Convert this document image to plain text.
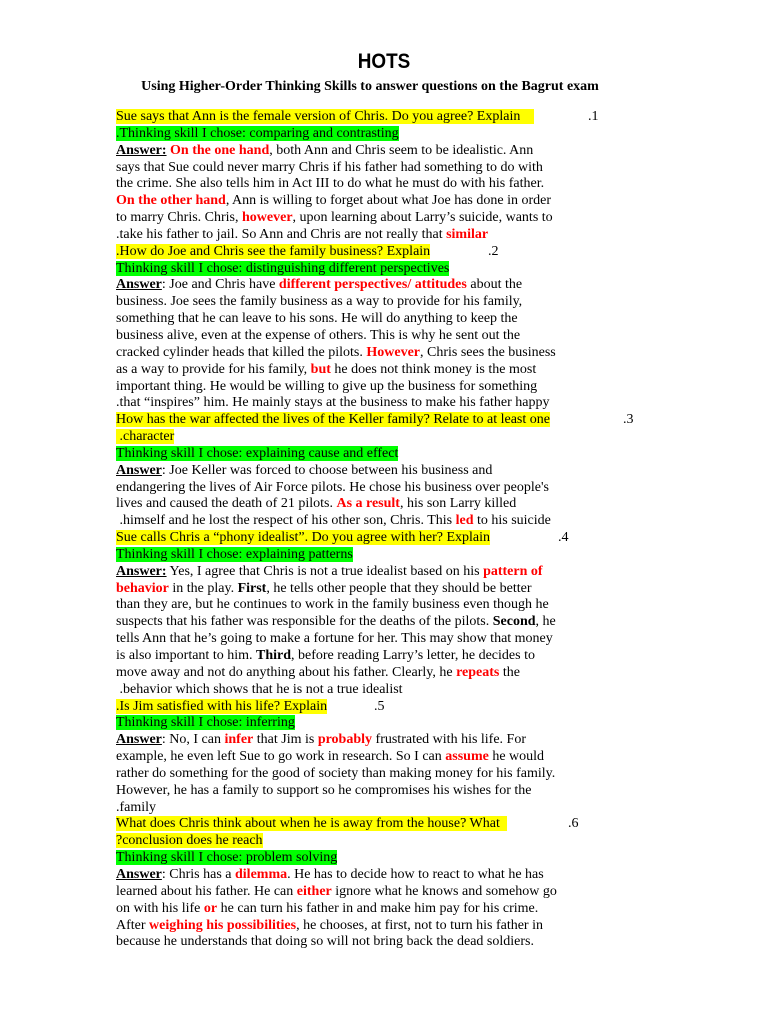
HOTS
Using Higher-Order Thinking Skills to answer questions on the Bagrut exam
Sue says that Ann is the female version of Chris. Do you agree? Explain 	.1
.Thinking skill I chose: comparing and contrasting
Answer: On the one hand, both Ann and Chris seem to be idealistic. Ann
says that Sue could never marry Chris if his father had something to do with
the crime. She also tells him in Act III to do what he must do with his father.
On the other hand, Ann is willing to forget about what Joe has done in order
to marry Chris. Chris, however, upon learning about Larry’s suicide, wants to
.take his father to jail. So Ann and Chris are not really that similar
.How do Joe and Chris see the family business? Explain	.2
Thinking skill I chose: distinguishing different perspectives
Answer: Joe and Chris have different perspectives/ attitudes about the
business. Joe sees the family business as a way to provide for his family,
something that he can leave to his sons. He will do anything to keep the
business alive, even at the expense of others. This is why he sent out the
cracked cylinder heads that killed the pilots. However, Chris sees the business
as a way to provide for his family, but he does not think money is the most
important thing. He would be willing to give up the business for something
.that “inspires” him. He mainly stays at the business to make his father happy
How has the war affected the lives of the Keller family? Relate to at least one	.3
.character
Thinking skill I chose: explaining cause and effect
Answer: Joe Keller was forced to choose between his business and
endangering the lives of Air Force pilots. He chose his business over people's
lives and caused the death of 21 pilots. As a result, his son Larry killed
.himself and he lost the respect of his other son, Chris. This led to his suicide
Sue calls Chris a “phony idealist”. Do you agree with her? Explain	.4
Thinking skill I chose: explaining patterns
Answer: Yes, I agree that Chris is not a true idealist based on his pattern of
behavior in the play. First, he tells other people that they should be better
than they are, but he continues to work in the family business even though he
suspects that his father was responsible for the deaths of the pilots. Second, he
tells Ann that he’s going to make a fortune for her. This may show that money
is also important to him. Third, before reading Larry’s letter, he decides to
move away and not do anything about his father. Clearly, he repeats the
.behavior which shows that he is not a true idealist
.Is Jim satisfied with his life? Explain	.5
Thinking skill I chose: inferring
Answer: No, I can infer that Jim is probably frustrated with his life. For
example, he even left Sue to go work in research. So I can assume he would
rather do something for the good of society than making money for his family.
However, he has a family to support so he compromises his wishes for the
.family
What does Chris think about when he is away from the house? What 	.6
?conclusion does he reach
Thinking skill I chose: problem solving
Answer: Chris has a dilemma. He has to decide how to react to what he has
learned about his father. He can either ignore what he knows and somehow go
on with his life or he can turn his father in and make him pay for his crime.
After weighing his possibilities, he chooses, at first, not to turn his father in
because he understands that doing so will not bring back the dead soldiers.
